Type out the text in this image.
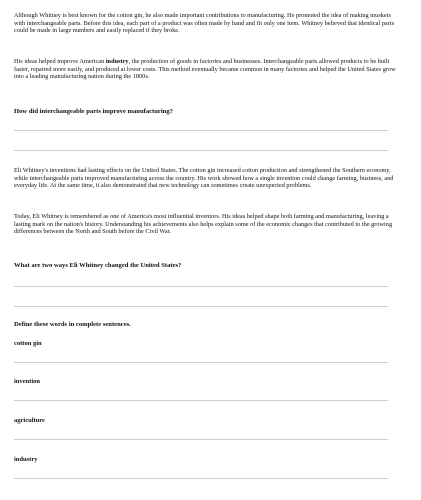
Although Whitney is best known for the cotton gin, he also made important contributions to manufacturing. He promoted the idea of making muskets with interchangeable parts. Before this idea, each part of a product was often made by hand and fit only one item. Whitney believed that identical parts could be made in large numbers and easily replaced if they broke.

His ideas helped improve American industry, the production of goods in factories and businesses. Interchangeable parts allowed products to be built faster, repaired more easily, and produced at lower costs. This method eventually became common in many factories and helped the United States grow into a leading manufacturing nation during the 1800s.

How did interchangeable parts improve manufacturing?

Eli Whitney's inventions had lasting effects on the United States. The cotton gin increased cotton production and strengthened the Southern economy, while interchangeable parts improved manufacturing across the country. His work showed how a single invention could change farming, business, and everyday life. At the same time, it also demonstrated that new technology can sometimes create unexpected problems.

Today, Eli Whitney is remembered as one of America's most influential inventors. His ideas helped shape both farming and manufacturing, leaving a lasting mark on the nation's history. Understanding his achievements also helps explain some of the economic changes that contributed to the growing differences between the North and South before the Civil War.

What are two ways Eli Whitney changed the United States?

Define these words in complete sentences.

cotton gin

invention

agriculture

industry
